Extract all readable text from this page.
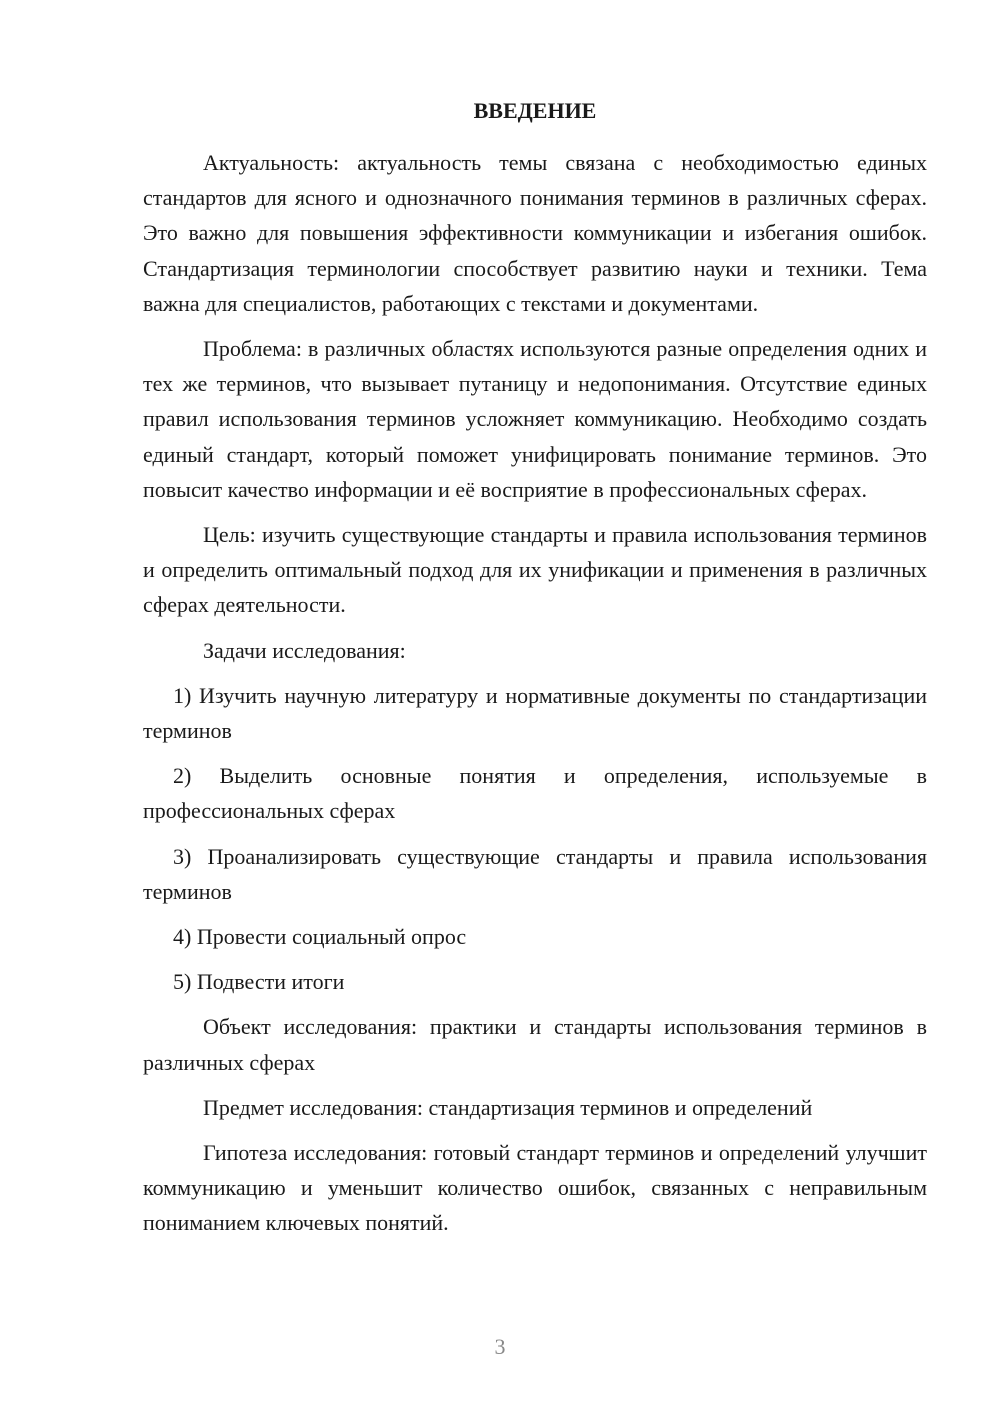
ВВЕДЕНИЕ

Актуальность: актуальность темы связана с необходимостью единых стандартов для ясного и однозначного понимания терминов в различных сферах. Это важно для повышения эффективности коммуникации и избегания ошибок. Стандартизация терминологии способствует развитию науки и техники. Тема важна для специалистов, работающих с текстами и документами.

Проблема: в различных областях используются разные определения одних и тех же терминов, что вызывает путаницу и недопонимания. Отсутствие единых правил использования терминов усложняет коммуникацию. Необходимо создать единый стандарт, который поможет унифицировать понимание терминов. Это повысит качество информации и её восприятие в профессиональных сферах.

Цель: изучить существующие стандарты и правила использования терминов и определить оптимальный подход для их унификации и применения в различных сферах деятельности.

Задачи исследования:

1) Изучить научную литературу и нормативные документы по стандартизации терминов

2) Выделить основные понятия и определения, используемые в профессиональных сферах

3) Проанализировать существующие стандарты и правила использования терминов

4) Провести социальный опрос

5) Подвести итоги

Объект исследования: практики и стандарты использования терминов в различных сферах

Предмет исследования: стандартизация терминов и определений

Гипотеза исследования: готовый стандарт терминов и определений улучшит коммуникацию и уменьшит количество ошибок, связанных с неправильным пониманием ключевых понятий.

3
